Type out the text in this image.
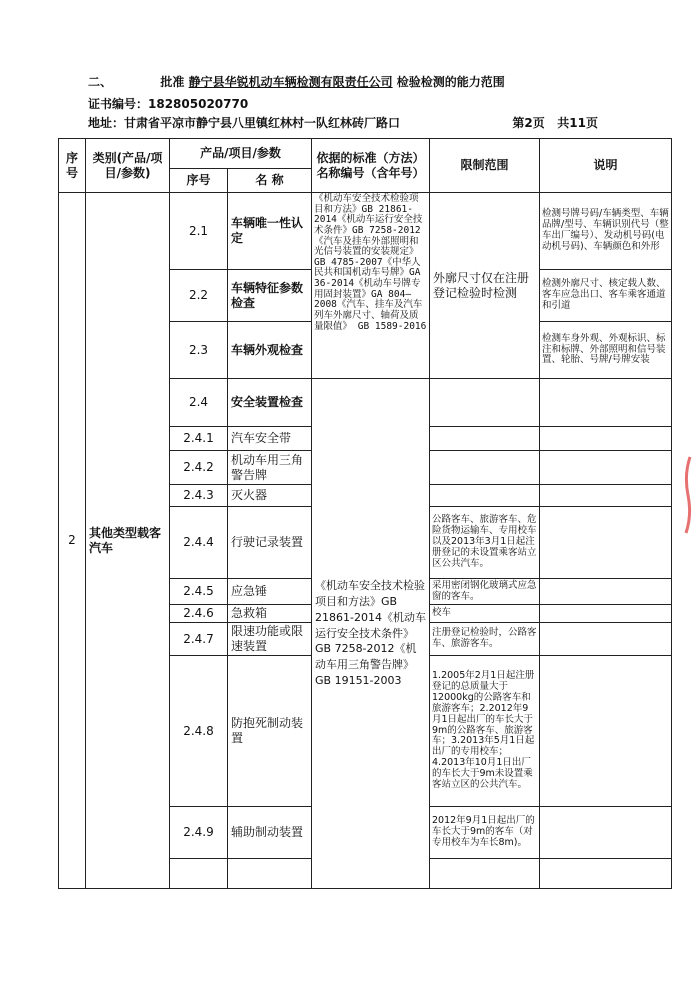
二、	批准 静宁县华锐机动车辆检测有限责任公司 检验检测的能力范围
证书编号：182805020770
地址：甘肃省平凉市静宁县八里镇红林村一队红林砖厂路口	第2页 共11页
序号	类别(产品/项目/参数)	产品/项目/参数		依据的标准（方法）名称编号（含年号）	限制范围	说明
		序号	名 称			
2	其他类型载客汽车	2.1	车辆唯一性认定	《机动车安全技术检验项目和方法》GB 21861-2014《机动车运行安全技术条件》GB 7258-2012《汽车及挂车外部照明和光信号装置的安装规定》GB 4785-2007《中华人民共和国机动车号牌》GA 36-2014《机动车号牌专用固封装置》GA 804—2008《汽车、挂车及汽车列车外廓尺寸、轴荷及质量限值》 GB 1589-2016	外廓尺寸仅在注册登记检验时检测	检测号牌号码/车辆类型、车辆品牌/型号、车辆识别代号（整车出厂编号）、发动机号码(电动机号码)、车辆颜色和外形
		2.2	车辆特征参数检查			检测外廓尺寸、核定载人数、客车应急出口、客车乘客通道和引道
		2.3	车辆外观检查			检测车身外观、外观标识、标注和标牌、外部照明和信号装置、轮胎、号牌/号牌安装
		2.4	安全装置检查	《机动车安全技术检验项目和方法》GB 21861-2014《机动车运行安全技术条件》GB 7258-2012《机动车用三角警告牌》GB 19151-2003		
		2.4.1	汽车安全带			
		2.4.2	机动车用三角警告牌			
		2.4.3	灭火器			
		2.4.4	行驶记录装置		公路客车、旅游客车、危险货物运输车、专用校车以及2013年3月1日起注册登记的未设置乘客站立区公共汽车。	
		2.4.5	应急锤		采用密闭钢化玻璃式应急窗的客车。	
		2.4.6	急救箱		校车	
		2.4.7	限速功能或限速装置		注册登记检验时，公路客车、旅游客车。	
		2.4.8	防抱死制动装置		1.2005年2月1日起注册登记的总质量大于12000kg的公路客车和旅游客车；2.2012年9月1日起出厂的车长大于9m的公路客车、旅游客车；3.2013年5月1日起出厂的专用校车；4.2013年10月1日出厂的车长大于9m未设置乘客站立区的公共汽车。	
		2.4.9	辅助制动装置		2012年9月1日起出厂的车长大于9m的客车（对专用校车为车长8m)。	
